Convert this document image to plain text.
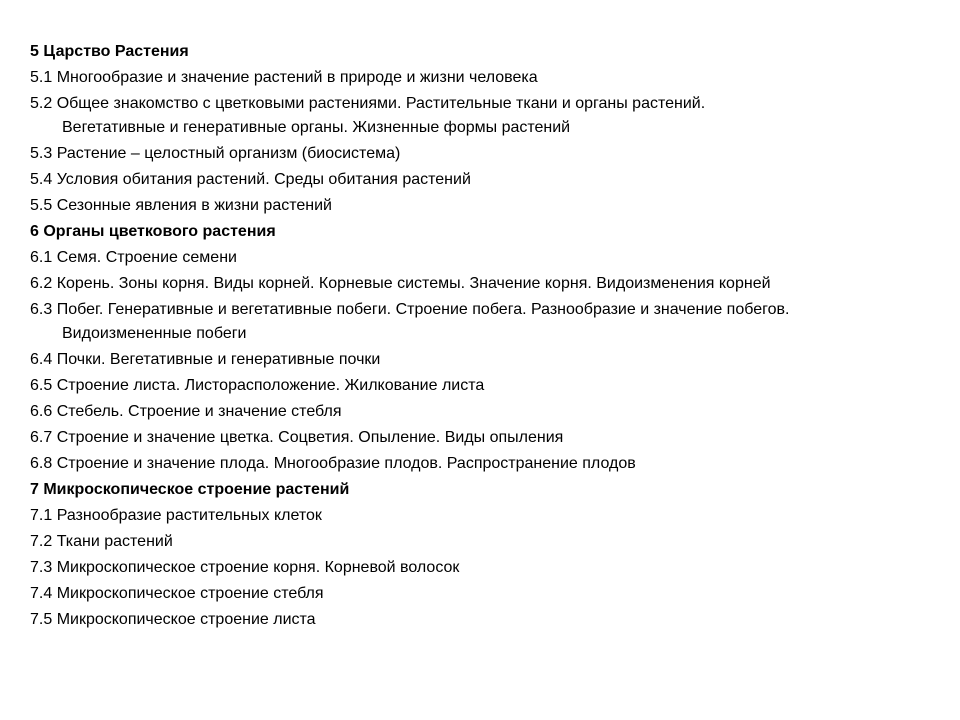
5 Царство Растения
5.1 Многообразие и значение растений в природе и жизни человека
5.2 Общее знакомство с цветковыми растениями. Растительные ткани и органы растений.
Вегетативные и генеративные органы. Жизненные формы растений
5.3 Растение – целостный организм (биосистема)
5.4 Условия обитания растений. Среды обитания растений
5.5 Сезонные явления в жизни растений
6 Органы цветкового растения
6.1 Семя. Строение семени
6.2 Корень. Зоны корня. Виды корней. Корневые системы. Значение корня. Видоизменения корней
6.3 Побег. Генеративные и вегетативные побеги. Строение побега. Разнообразие и значение побегов.
Видоизмененные побеги
6.4 Почки. Вегетативные и генеративные почки
6.5 Строение листа. Листорасположение. Жилкование листа
6.6 Стебель. Строение и значение стебля
6.7 Строение и значение цветка. Соцветия. Опыление. Виды опыления
6.8 Строение и значение плода. Многообразие плодов. Распространение плодов
7 Микроскопическое строение растений
7.1 Разнообразие растительных клеток
7.2 Ткани растений
7.3 Микроскопическое строение корня. Корневой волосок
7.4 Микроскопическое строение стебля
7.5 Микроскопическое строение листа
